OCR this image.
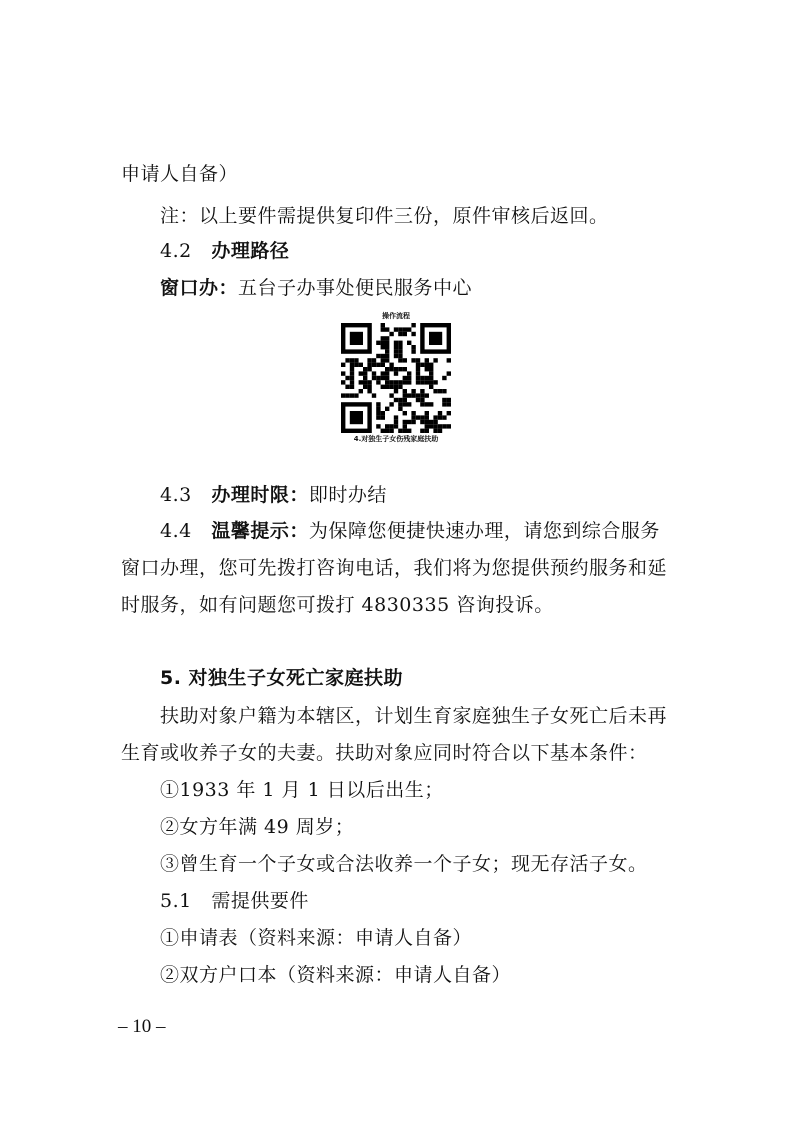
申请人自备）
注：以上要件需提供复印件三份，原件审核后返回。
4.2 办理路径
窗口办：五台子办事处便民服务中心
操作流程
4.对独生子女伤残家庭扶助
4.3 办理时限：即时办结
4.4 温馨提示：为保障您便捷快速办理，请您到综合服务
窗口办理，您可先拨打咨询电话，我们将为您提供预约服务和延
时服务，如有问题您可拨打 4830335 咨询投诉。
5. 对独生子女死亡家庭扶助
扶助对象户籍为本辖区，计划生育家庭独生子女死亡后未再
生育或收养子女的夫妻。扶助对象应同时符合以下基本条件：
①1933 年 1 月 1 日以后出生；
②女方年满 49 周岁；
③曾生育一个子女或合法收养一个子女；现无存活子女。
5.1 需提供要件
①申请表（资料来源：申请人自备）
②双方户口本（资料来源：申请人自备）
– 10 –
